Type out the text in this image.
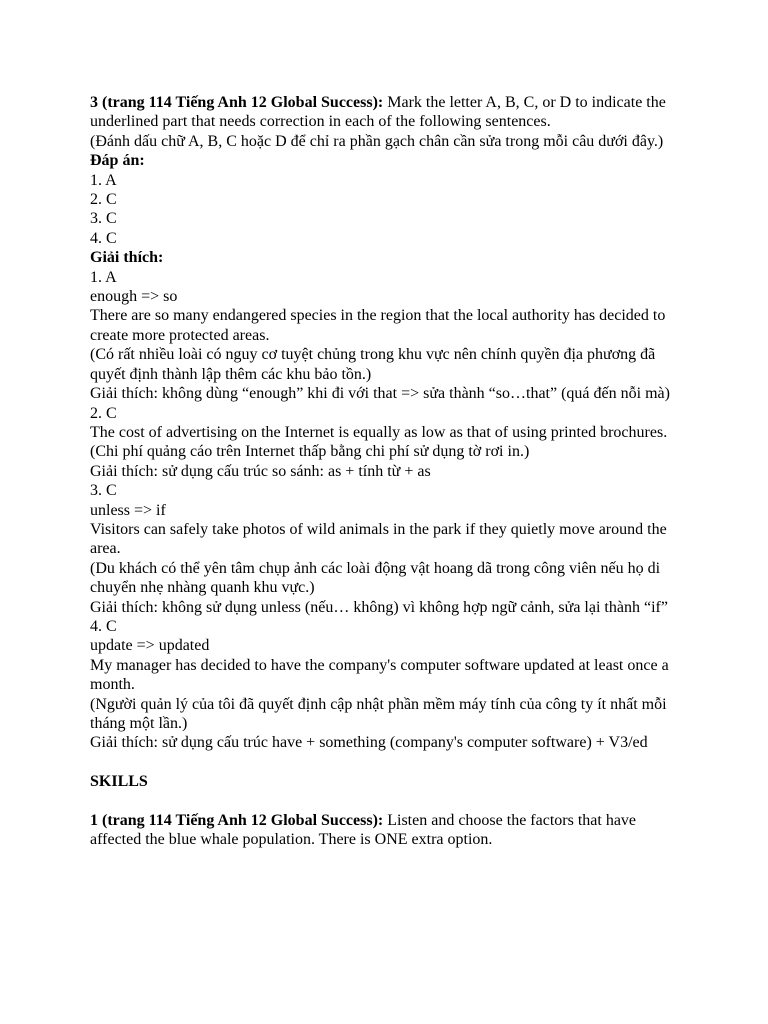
3 (trang 114 Tiếng Anh 12 Global Success): Mark the letter A, B, C, or D to indicate the underlined part that needs correction in each of the following sentences.

(Đánh dấu chữ A, B, C hoặc D để chỉ ra phần gạch chân cần sửa trong mỗi câu dưới đây.)

Đáp án:

1. A

2. C

3. C

4. C

Giải thích:

1. A

enough => so

There are so many endangered species in the region that the local authority has decided to create more protected areas.

(Có rất nhiều loài có nguy cơ tuyệt chủng trong khu vực nên chính quyền địa phương đã quyết định thành lập thêm các khu bảo tồn.)

Giải thích: không dùng “enough” khi đi với that => sửa thành “so…that” (quá đến nỗi mà)

2. C

The cost of advertising on the Internet is equally as low as that of using printed brochures.

(Chi phí quảng cáo trên Internet thấp bằng chi phí sử dụng tờ rơi in.)

Giải thích: sử dụng cấu trúc so sánh: as + tính từ + as

3. C

unless => if

Visitors can safely take photos of wild animals in the park if they quietly move around the area.

(Du khách có thể yên tâm chụp ảnh các loài động vật hoang dã trong công viên nếu họ di chuyển nhẹ nhàng quanh khu vực.)

Giải thích: không sử dụng unless (nếu… không) vì không hợp ngữ cảnh, sửa lại thành “if”

4. C

update => updated

My manager has decided to have the company's computer software updated at least once a month.

(Người quản lý của tôi đã quyết định cập nhật phần mềm máy tính của công ty ít nhất mỗi tháng một lần.)

Giải thích: sử dụng cấu trúc have + something (company's computer software) + V3/ed

SKILLS

1 (trang 114 Tiếng Anh 12 Global Success): Listen and choose the factors that have affected the blue whale population. There is ONE extra option.
